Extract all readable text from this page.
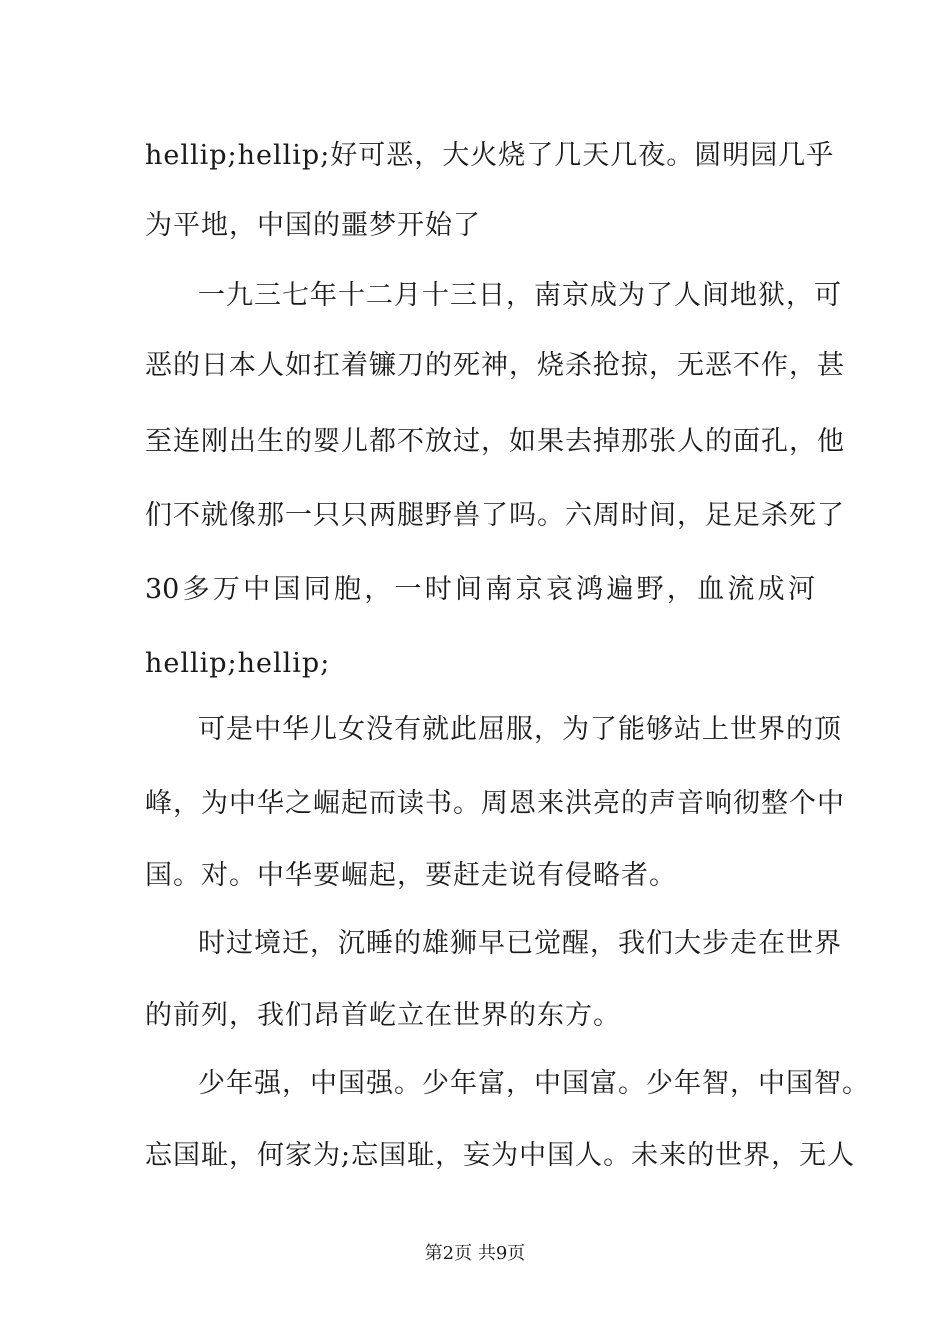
hellip;hellip;好可恶，大火烧了几天几夜。圆明园几乎
为平地，中国的噩梦开始了
一九三七年十二月十三日，南京成为了人间地狱，可
恶的日本人如扛着镰刀的死神，烧杀抢掠，无恶不作，甚
至连刚出生的婴儿都不放过，如果去掉那张人的面孔，他
们不就像那一只只两腿野兽了吗。六周时间，足足杀死了
30 多 万 中 国 同 胞 ， 一 时 间 南 京 哀 鸿 遍 野 ， 血 流 成 河
hellip;hellip;
可是中华儿女没有就此屈服，为了能够站上世界的顶
峰，为中华之崛起而读书。周恩来洪亮的声音响彻整个中
国。对。中华要崛起，要赶走说有侵略者。
时过境迁，沉睡的雄狮早已觉醒，我们大步走在世界
的前列，我们昂首屹立在世界的东方。
少年强，中国强。少年富，中国富。少年智，中国智。
忘国耻，何家为;忘国耻，妄为中国人。未来的世界，无人
第2页 共9页
